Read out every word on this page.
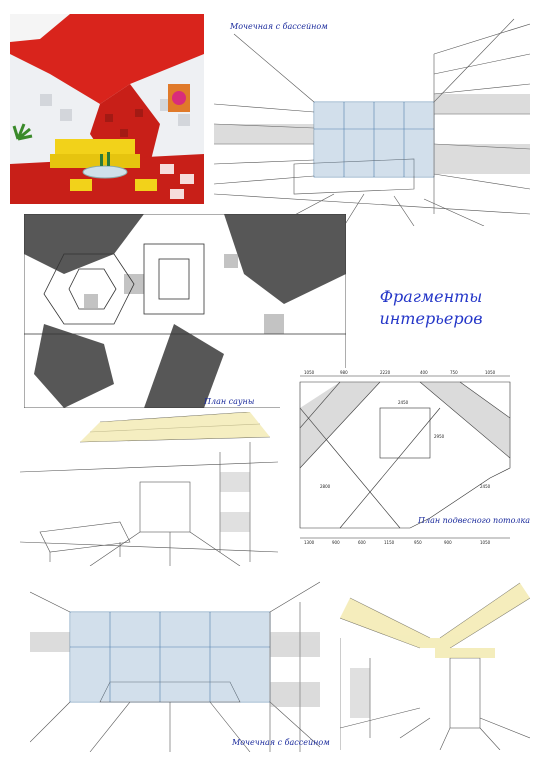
План сауны
Фрагменты
интерьеров
1050	980	2220	400	750	1050
1300	900	600	1150	950	900	1050
2450
2950
2800	2450
План подвесного потолка
Мочечная с бассейном
Мочечная с бассейном
